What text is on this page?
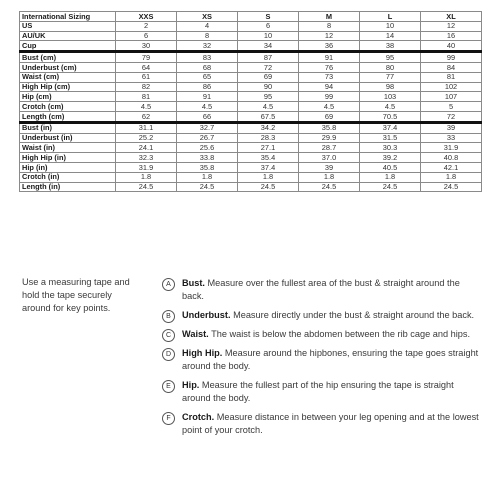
International Sizing	XXS	XS	S	M	L	XL
US	2	4	6	8	10	12
AU/UK	6	8	10	12	14	16
Cup	30	32	34	36	38	40
Bust (cm)	79	83	87	91	95	99
Underbust (cm)	64	68	72	76	80	84
Waist (cm)	61	65	69	73	77	81
High Hip (cm)	82	86	90	94	98	102
Hip (cm)	81	91	95	99	103	107
Crotch (cm)	4.5	4.5	4.5	4.5	4.5	5
Length (cm)	62	66	67.5	69	70.5	72
Bust (in)	31.1	32.7	34.2	35.8	37.4	39
Underbust (in)	25.2	26.7	28.3	29.9	31.5	33
Waist (in)	24.1	25.6	27.1	28.7	30.3	31.9
High Hip (in)	32.3	33.8	35.4	37.0	39.2	40.8
Hip (in)	31.9	35.8	37.4	39	40.5	42.1
Crotch (in)	1.8	1.8	1.8	1.8	1.8	1.8
Length (in)	24.5	24.5	24.5	24.5	24.5	24.5
Use a measuring tape and hold the tape securely around for key points.
A	Bust. Measure over the fullest area of the bust & straight around the back.
B	Underbust. Measure directly under the bust & straight around the back.
C	Waist. The waist is below the abdomen between the rib cage and hips.
D	High Hip. Measure around the hipbones, ensuring the tape goes straight around the body.
E	Hip. Measure the fullest part of the hip ensuring the tape is straight around the body.
F	Crotch. Measure distance in between your leg opening and at the lowest point of your crotch.
